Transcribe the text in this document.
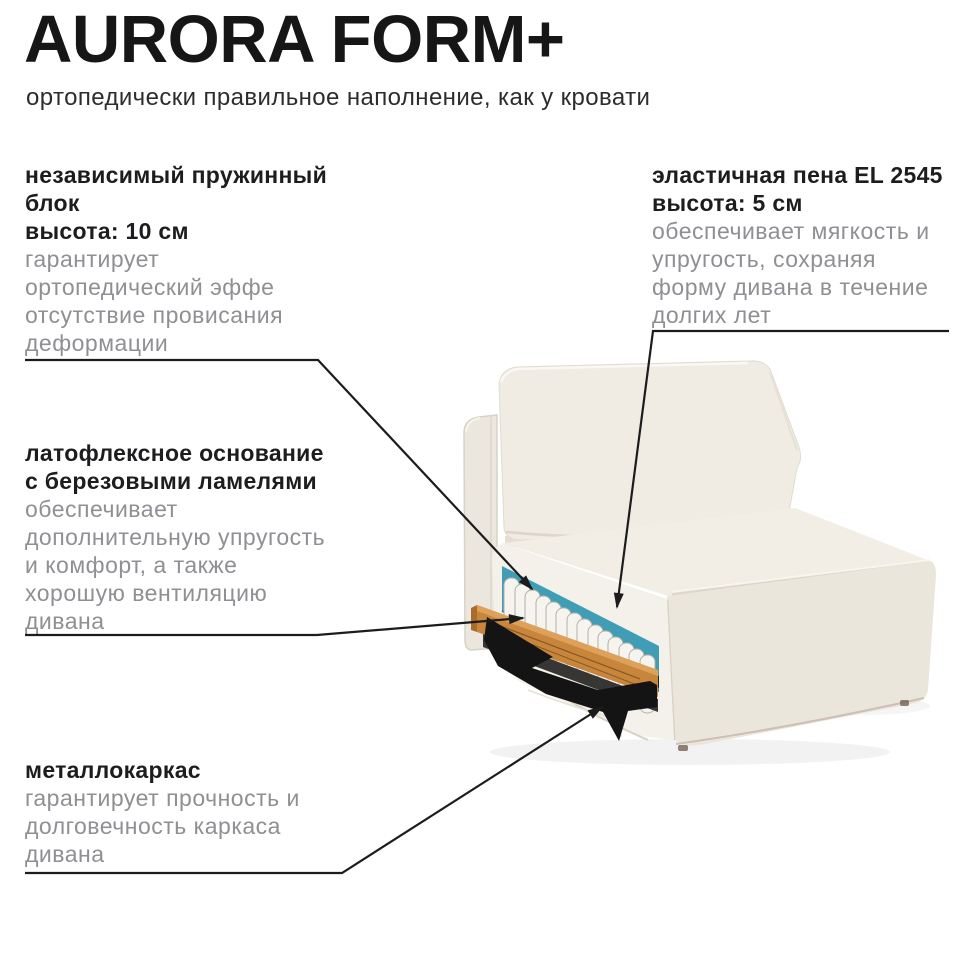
AURORA FORM+
ортопедически правильное наполнение, как у кровати
независимый пружинный
блок
высота: 10 см
гарантирует
ортопедический эффе
отсутствие провисания
деформации
эластичная пена EL 2545
высота: 5 см
обеспечивает мягкость и
упругость, сохраняя
форму дивана в течение
долгих лет
латофлексное основание
с березовыми ламелями
обеспечивает
дополнительную упругость
и комфорт, а также
хорошую вентиляцию
дивана
металлокаркас
гарантирует прочность и
долговечность каркаса
дивана
